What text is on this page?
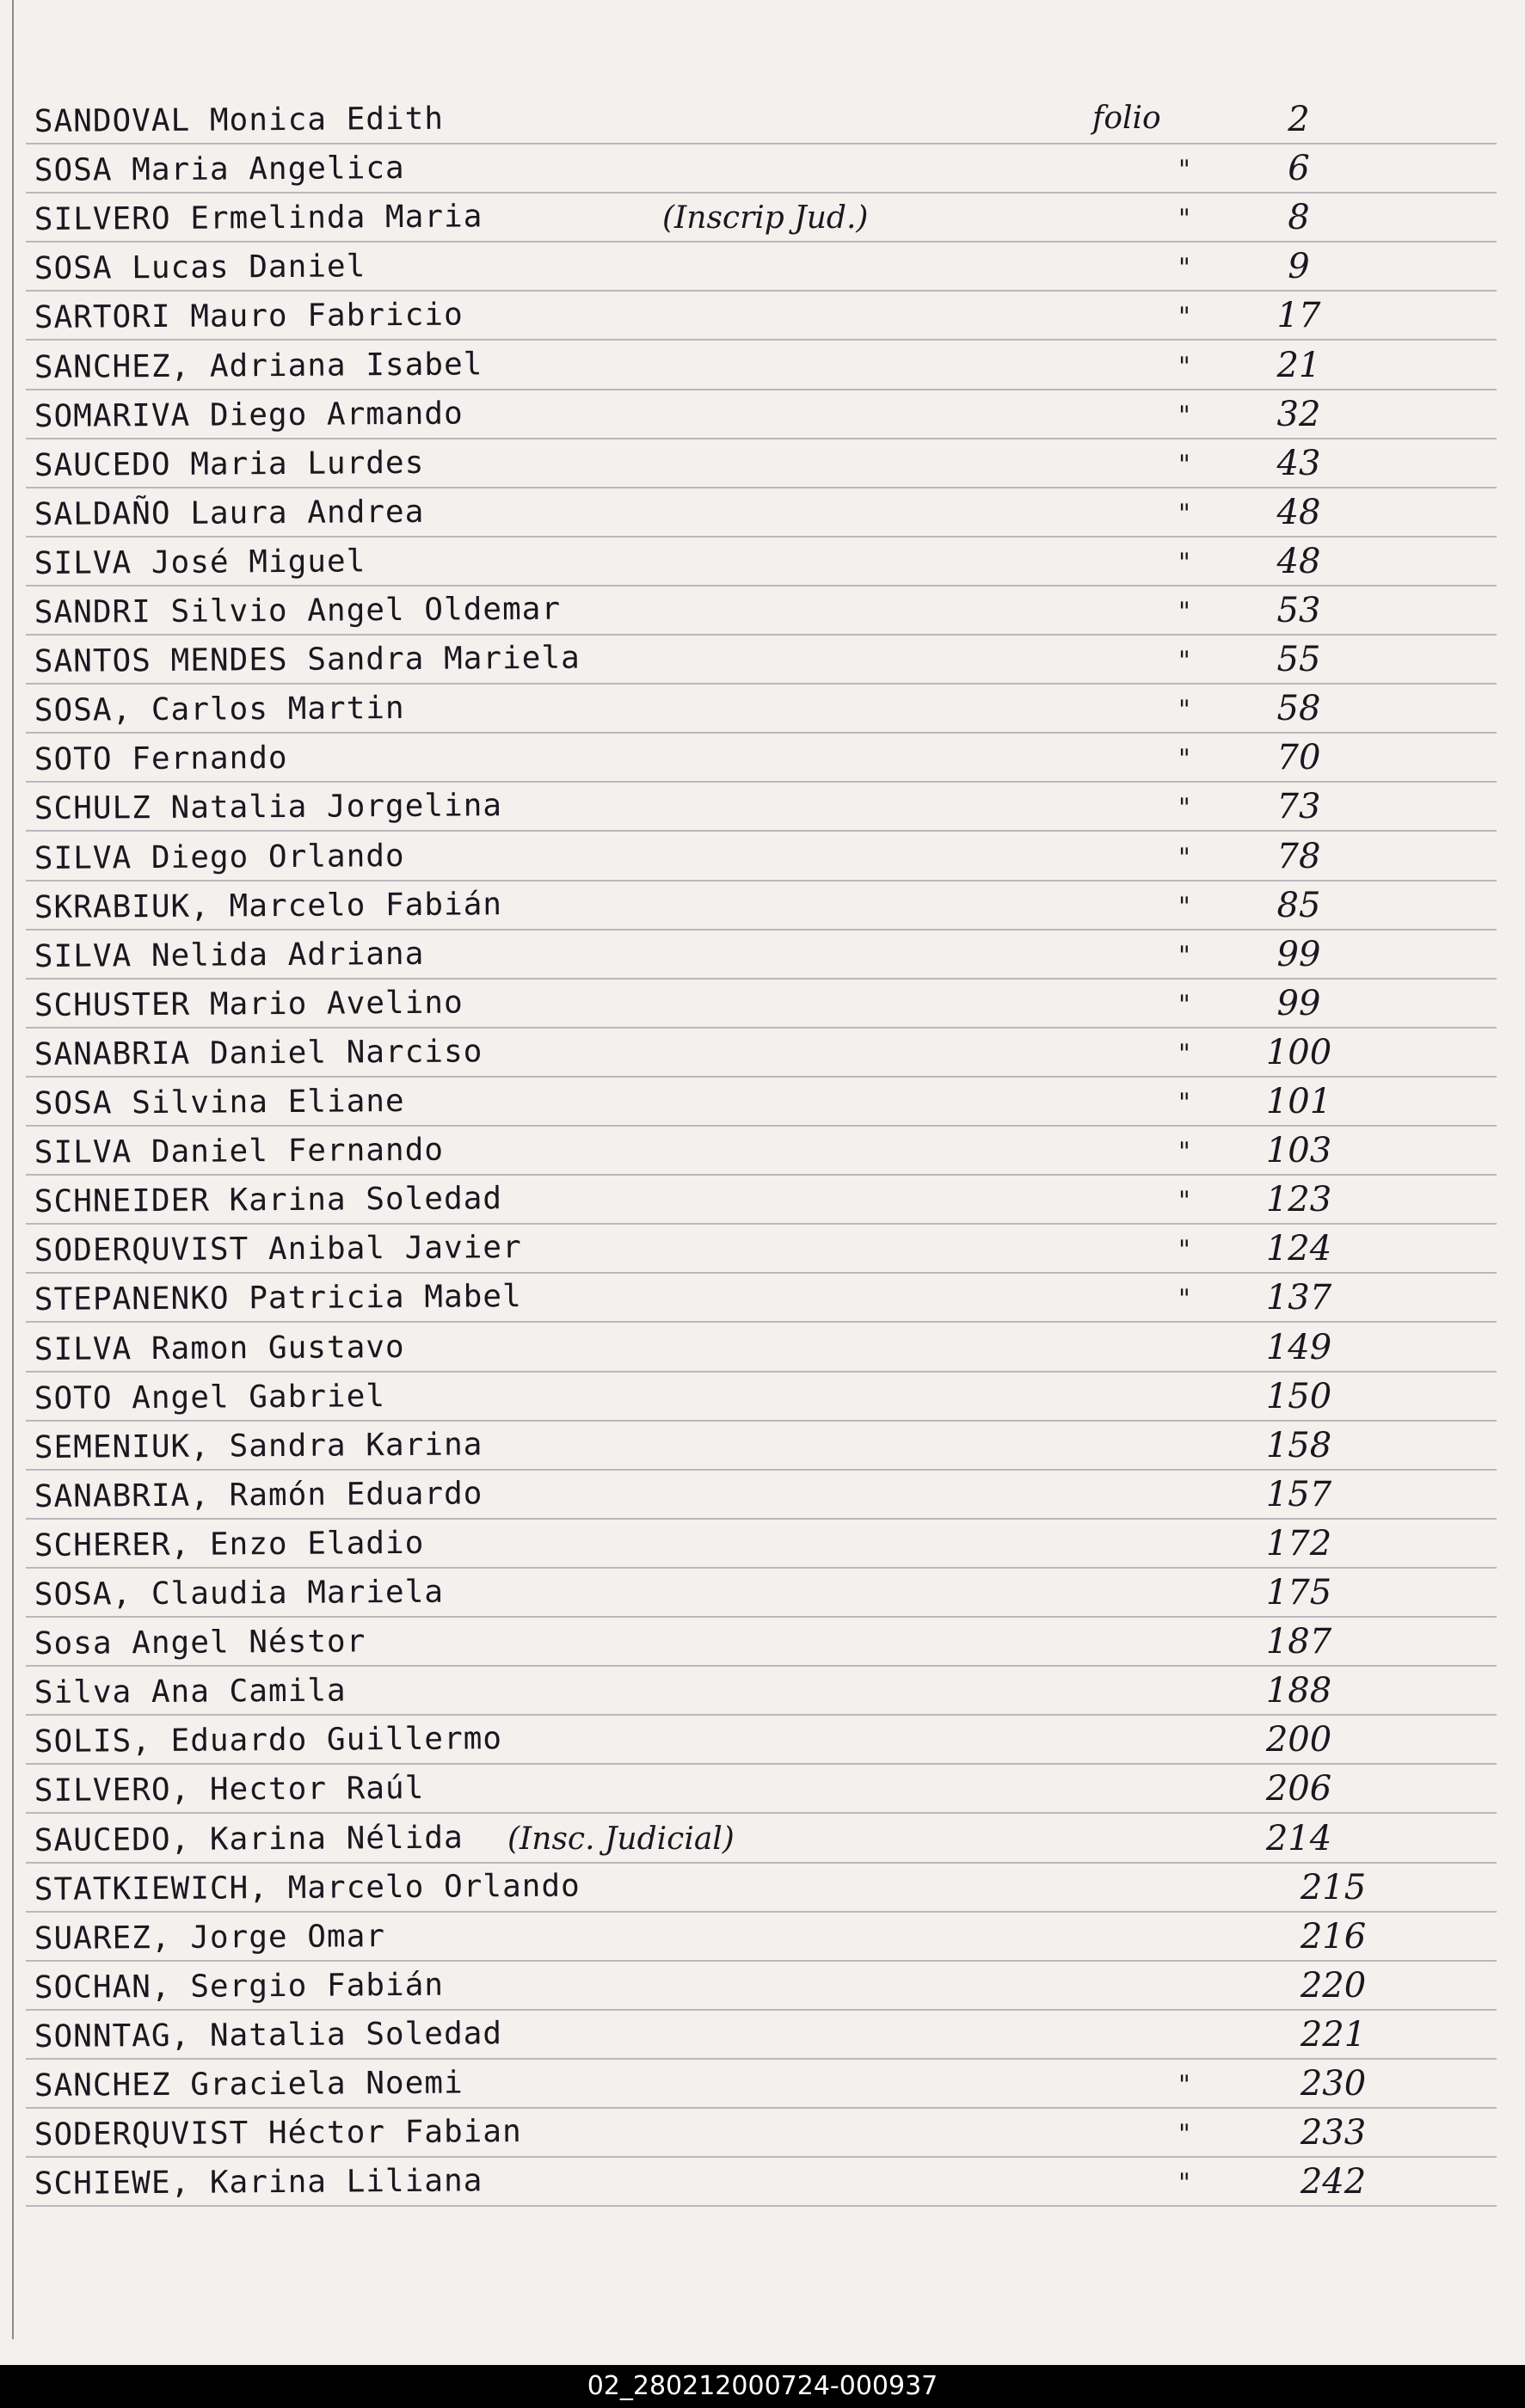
SANDOVAL Monica Edith	folio	2
SOSA Maria Angelica	"	6
SILVERO Ermelinda Maria	(Inscrip Jud.)	"	8
SOSA Lucas Daniel	"	9
SARTORI Mauro Fabricio	"	17
SANCHEZ, Adriana Isabel	"	21
SOMARIVA Diego Armando	"	32
SAUCEDO Maria Lurdes	"	43
SALDAÑO Laura Andrea	"	48
SILVA José Miguel	"	48
SANDRI Silvio Angel Oldemar	"	53
SANTOS MENDES Sandra Mariela	"	55
SOSA, Carlos Martin	"	58
SOTO Fernando	"	70
SCHULZ Natalia Jorgelina	"	73
SILVA Diego Orlando	"	78
SKRABIUK, Marcelo Fabián	"	85
SILVA Nelida Adriana	"	99
SCHUSTER Mario Avelino	"	99
SANABRIA Daniel Narciso	"	100
SOSA Silvina Eliane	"	101
SILVA Daniel Fernando	"	103
SCHNEIDER Karina Soledad	"	123
SODERQUVIST Anibal Javier	"	124
STEPANENKO Patricia Mabel	"	137
SILVA Ramon Gustavo	149
SOTO Angel Gabriel	150
SEMENIUK, Sandra Karina	158
SANABRIA, Ramón Eduardo	157
SCHERER, Enzo Eladio	172
SOSA, Claudia Mariela	175
Sosa Angel Néstor	187
Silva Ana Camila	188
SOLIS, Eduardo Guillermo	200
SILVERO, Hector Raúl	206
SAUCEDO, Karina Nélida (Insc. Judicial)	214
STATKIEWICH, Marcelo Orlando	215
SUAREZ, Jorge Omar	216
SOCHAN, Sergio Fabián	220
SONNTAG, Natalia Soledad	221
SANCHEZ Graciela Noemi	"	230
SODERQUVIST Héctor Fabian	"	233
SCHIEWE, Karina Liliana	"	242
02_280212000724-000937
